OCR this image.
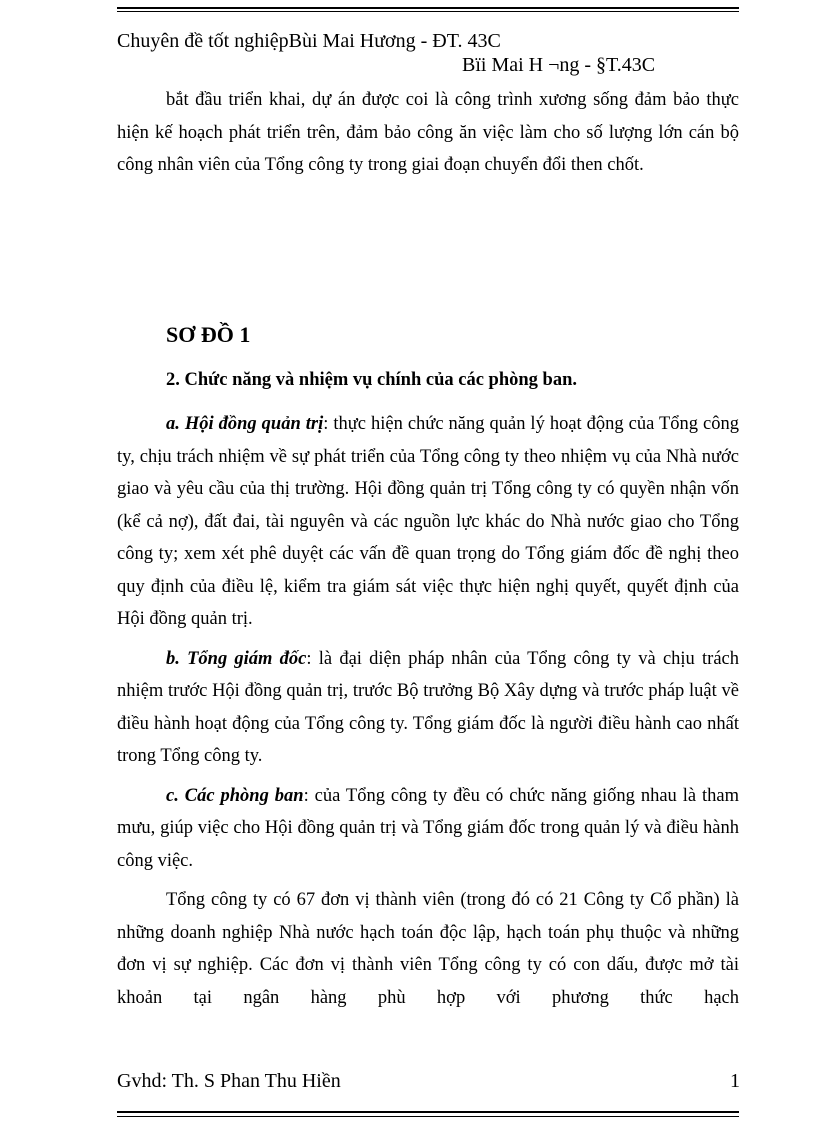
Chuyên đề tốt nghiệpBùi Mai Hương - ĐT. 43C
Bïi Mai H ¬ng - §T.43C

bắt đầu triển khai, dự án được coi là công trình xương sống đảm bảo thực hiện kế hoạch phát triển trên, đảm bảo công ăn việc làm cho số lượng lớn cán bộ công nhân viên của Tổng công ty trong giai đoạn chuyển đổi then chốt.

SƠ ĐỒ 1
2. Chức năng và nhiệm vụ chính của các phòng ban.

a. Hội đồng quản trị: thực hiện chức năng quản lý hoạt động của Tổng công ty, chịu trách nhiệm về sự phát triển của Tổng công ty theo nhiệm vụ của Nhà nước giao và yêu cầu của thị trường. Hội đồng quản trị Tổng công ty có quyền nhận vốn (kể cả nợ), đất đai, tài nguyên và các nguồn lực khác do Nhà nước giao cho Tổng công ty; xem xét phê duyệt các vấn đề quan trọng do Tổng giám đốc đề nghị theo quy định của điều lệ, kiểm tra giám sát việc thực hiện nghị quyết, quyết định của Hội đồng quản trị.

b. Tổng giám đốc: là đại diện pháp nhân của Tổng công ty và chịu trách nhiệm trước Hội đồng quản trị, trước Bộ trưởng Bộ Xây dựng và trước pháp luật về điều hành hoạt động của Tổng công ty. Tổng giám đốc là người điều hành cao nhất trong Tổng công ty.

c. Các phòng ban: của Tổng công ty đều có chức năng giống nhau là tham mưu, giúp việc cho Hội đồng quản trị và Tổng giám đốc trong quản lý và điều hành công việc.

Tổng công ty có 67 đơn vị thành viên (trong đó có 21 Công ty Cổ phần) là những doanh nghiệp Nhà nước hạch toán độc lập, hạch toán phụ thuộc và những đơn vị sự nghiệp. Các đơn vị thành viên Tổng công ty có con dấu, được mở tài khoản tại ngân hàng phù hợp với phương thức hạch

Gvhd: Th. S Phan Thu Hiền	1
